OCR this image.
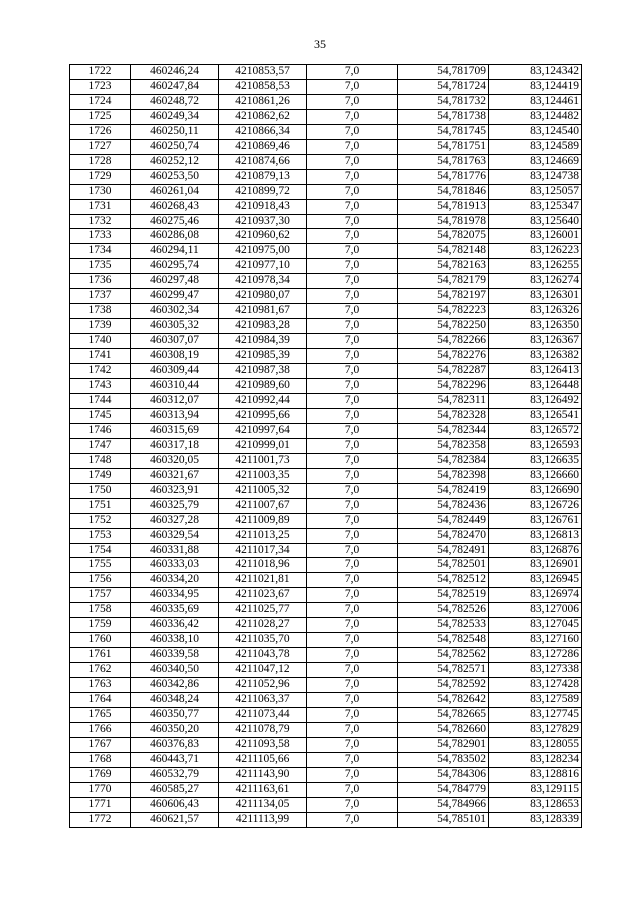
35
1722	460246,24	4210853,57	7,0	54,781709	83,124342
1723	460247,84	4210858,53	7,0	54,781724	83,124419
1724	460248,72	4210861,26	7,0	54,781732	83,124461
1725	460249,34	4210862,62	7,0	54,781738	83,124482
1726	460250,11	4210866,34	7,0	54,781745	83,124540
1727	460250,74	4210869,46	7,0	54,781751	83,124589
1728	460252,12	4210874,66	7,0	54,781763	83,124669
1729	460253,50	4210879,13	7,0	54,781776	83,124738
1730	460261,04	4210899,72	7,0	54,781846	83,125057
1731	460268,43	4210918,43	7,0	54,781913	83,125347
1732	460275,46	4210937,30	7,0	54,781978	83,125640
1733	460286,08	4210960,62	7,0	54,782075	83,126001
1734	460294,11	4210975,00	7,0	54,782148	83,126223
1735	460295,74	4210977,10	7,0	54,782163	83,126255
1736	460297,48	4210978,34	7,0	54,782179	83,126274
1737	460299,47	4210980,07	7,0	54,782197	83,126301
1738	460302,34	4210981,67	7,0	54,782223	83,126326
1739	460305,32	4210983,28	7,0	54,782250	83,126350
1740	460307,07	4210984,39	7,0	54,782266	83,126367
1741	460308,19	4210985,39	7,0	54,782276	83,126382
1742	460309,44	4210987,38	7,0	54,782287	83,126413
1743	460310,44	4210989,60	7,0	54,782296	83,126448
1744	460312,07	4210992,44	7,0	54,782311	83,126492
1745	460313,94	4210995,66	7,0	54,782328	83,126541
1746	460315,69	4210997,64	7,0	54,782344	83,126572
1747	460317,18	4210999,01	7,0	54,782358	83,126593
1748	460320,05	4211001,73	7,0	54,782384	83,126635
1749	460321,67	4211003,35	7,0	54,782398	83,126660
1750	460323,91	4211005,32	7,0	54,782419	83,126690
1751	460325,79	4211007,67	7,0	54,782436	83,126726
1752	460327,28	4211009,89	7,0	54,782449	83,126761
1753	460329,54	4211013,25	7,0	54,782470	83,126813
1754	460331,88	4211017,34	7,0	54,782491	83,126876
1755	460333,03	4211018,96	7,0	54,782501	83,126901
1756	460334,20	4211021,81	7,0	54,782512	83,126945
1757	460334,95	4211023,67	7,0	54,782519	83,126974
1758	460335,69	4211025,77	7,0	54,782526	83,127006
1759	460336,42	4211028,27	7,0	54,782533	83,127045
1760	460338,10	4211035,70	7,0	54,782548	83,127160
1761	460339,58	4211043,78	7,0	54,782562	83,127286
1762	460340,50	4211047,12	7,0	54,782571	83,127338
1763	460342,86	4211052,96	7,0	54,782592	83,127428
1764	460348,24	4211063,37	7,0	54,782642	83,127589
1765	460350,77	4211073,44	7,0	54,782665	83,127745
1766	460350,20	4211078,79	7,0	54,782660	83,127829
1767	460376,83	4211093,58	7,0	54,782901	83,128055
1768	460443,71	4211105,66	7,0	54,783502	83,128234
1769	460532,79	4211143,90	7,0	54,784306	83,128816
1770	460585,27	4211163,61	7,0	54,784779	83,129115
1771	460606,43	4211134,05	7,0	54,784966	83,128653
1772	460621,57	4211113,99	7,0	54,785101	83,128339
